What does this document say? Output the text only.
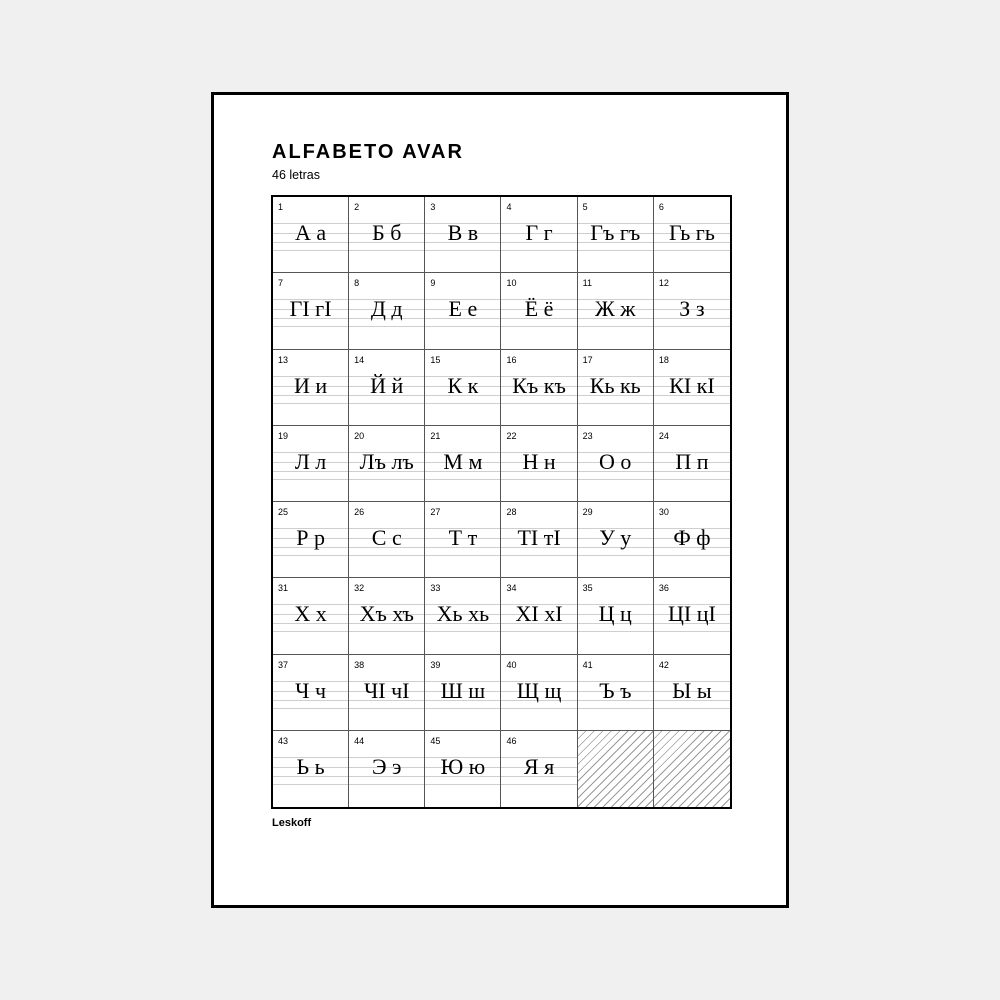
ALFABETO AVAR
46 letras
1
А а
2
Б б
3
В в
4
Г г
5
Гъ гъ
6
Гь гь
7
ГӀ гӀ
8
Д д
9
Е е
10
Ё ё
11
Ж ж
12
З з
13
И и
14
Й й
15
К к
16
Къ къ
17
Кь кь
18
КӀ кӀ
19
Л л
20
Лъ лъ
21
М м
22
Н н
23
О о
24
П п
25
Р р
26
С с
27
Т т
28
ТӀ тӀ
29
У у
30
Ф ф
31
Х х
32
Хъ хъ
33
Хь хь
34
ХӀ хӀ
35
Ц ц
36
ЦӀ цӀ
37
Ч ч
38
ЧӀ чӀ
39
Ш ш
40
Щ щ
41
Ъ ъ
42
Ы ы
43
Ь ь
44
Э э
45
Ю ю
46
Я я
Leskoff
